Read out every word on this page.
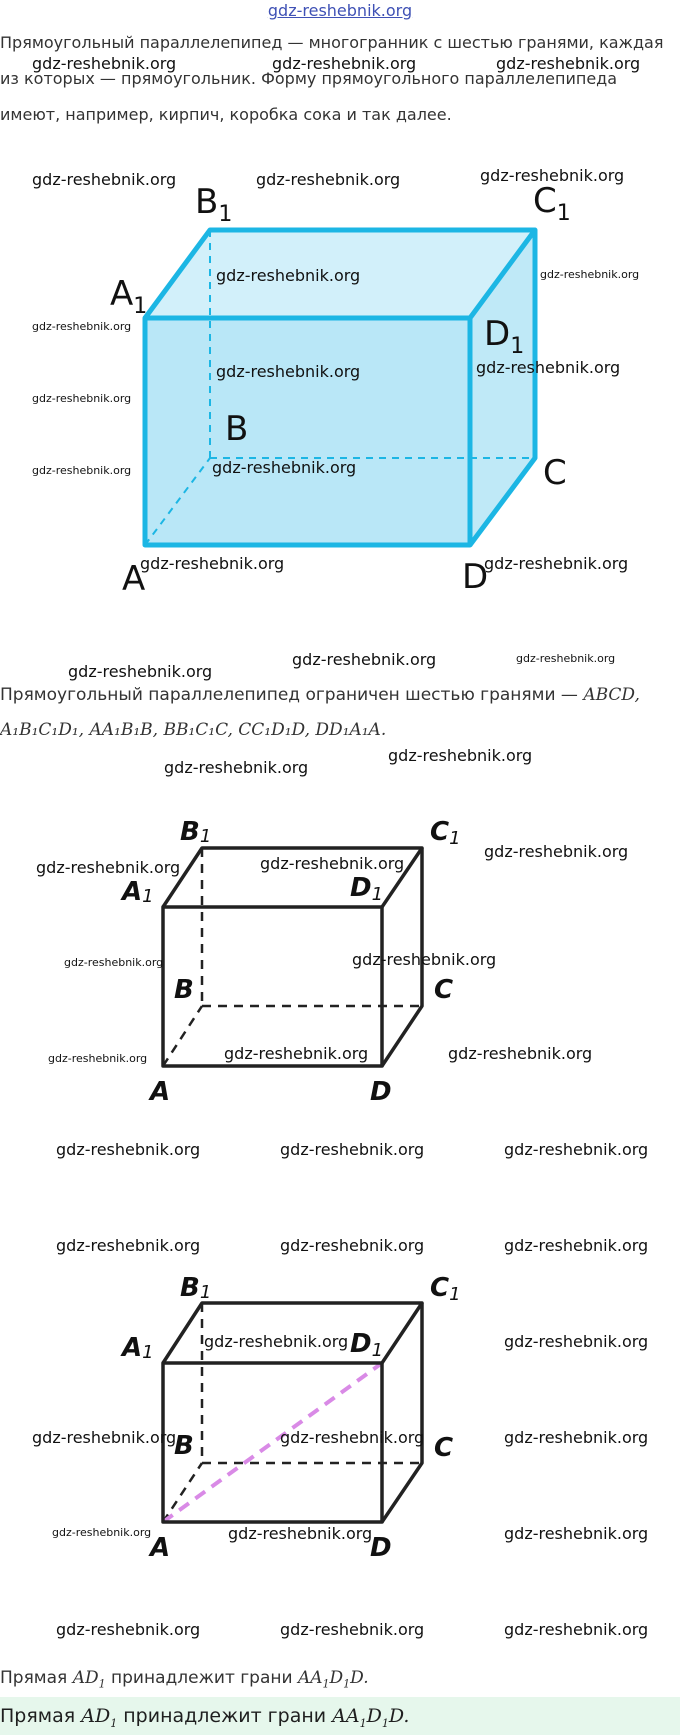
gdz-reshebnik.org
Прямоугольный параллелепипед — многогранник с шестью гранями, каждая
из которых — прямоугольник. Форму прямоугольного параллелепипеда
имеют, например, кирпич, коробка сока и так далее.
$B_1$	$C_1$
$A_1$
$D_1$
B
C
A	D
Прямоугольный параллелепипед ограничен шестью гранями — ABCD,
A₁B₁C₁D₁, AA₁B₁B, BB₁C₁C, CC₁D₁D, DD₁A₁A.
B1	C1
A1	D1
B	C
A	D
B1	C1
A1	D1
B	C
A	D
Прямая $AD_1$ принадлежит грани $AA_1D_1D$.
Прямая $AD_1$ принадлежит грани $AA_1D_1D$.
gdz-reshebnik.org	gdz-reshebnik.org	gdz-reshebnik.org
gdz-reshebnik.org	gdz-reshebnik.org	gdz-reshebnik.org
gdz-reshebnik.org	gdz-reshebnik.org
gdz-reshebnik.org
gdz-reshebnik.org	gdz-reshebnik.org
gdz-reshebnik.org
gdz-reshebnik.org
gdz-reshebnik.org
gdz-reshebnik.org	gdz-reshebnik.org
gdz-reshebnik.org	gdz-reshebnik.org
gdz-reshebnik.org
gdz-reshebnik.org
gdz-reshebnik.org
gdz-reshebnik.org
gdz-reshebnik.org
gdz-reshebnik.org
gdz-reshebnik.org
gdz-reshebnik.org
gdz-reshebnik.org	gdz-reshebnik.org
gdz-reshebnik.org
gdz-reshebnik.org	gdz-reshebnik.org	gdz-reshebnik.org
gdz-reshebnik.org	gdz-reshebnik.org	gdz-reshebnik.org
gdz-reshebnik.org	gdz-reshebnik.org
gdz-reshebnik.org	gdz-reshebnik.org	gdz-reshebnik.org
gdz-reshebnik.org	gdz-reshebnik.org	gdz-reshebnik.org
gdz-reshebnik.org	gdz-reshebnik.org	gdz-reshebnik.org
